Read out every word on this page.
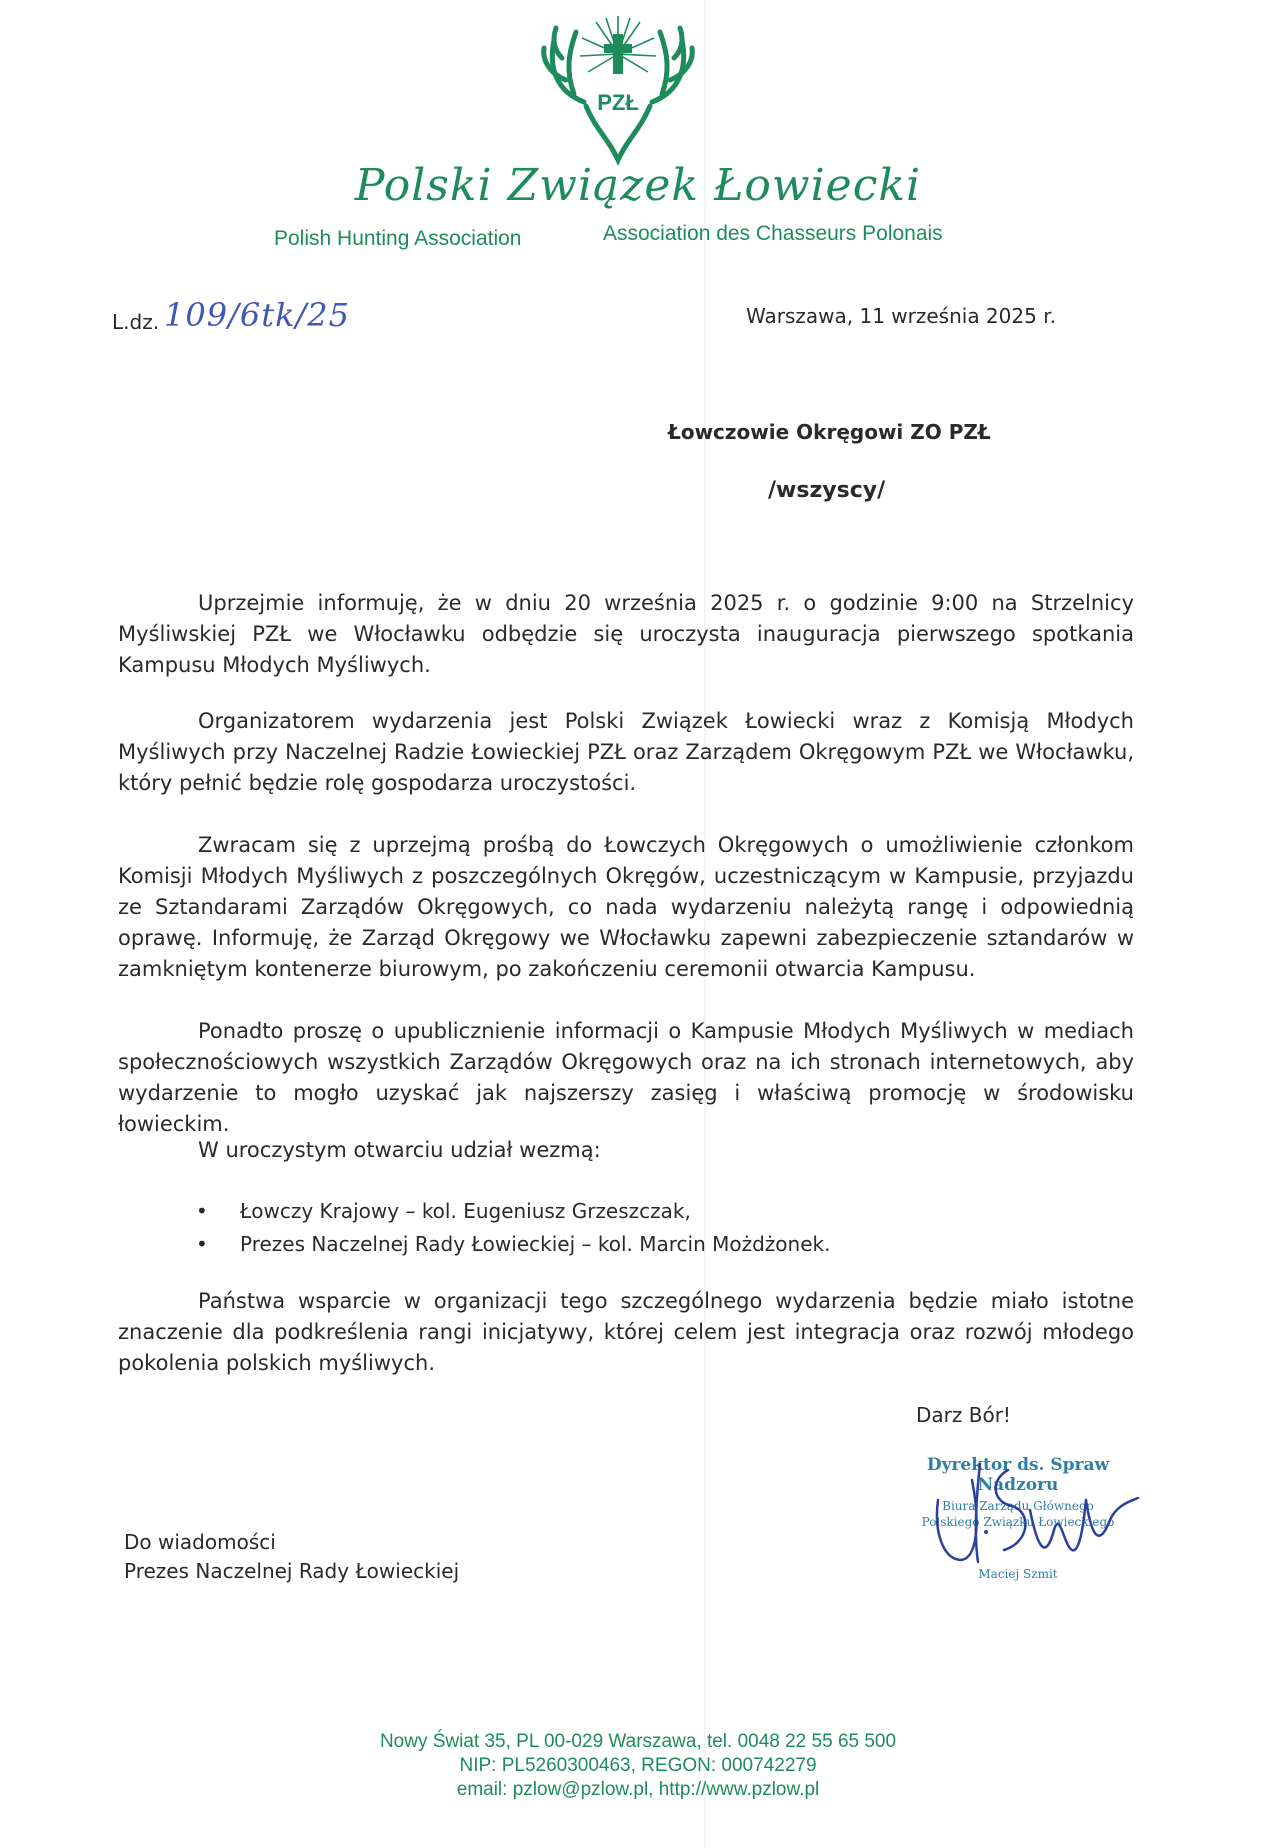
PZŁ
Polski Związek Łowiecki
Polish Hunting Association	Association des Chasseurs Polonais
L.dz. 109/6tk/25	Warszawa, 11 września 2025 r.
Łowczowie Okręgowi ZO PZŁ
/wszyscy/
Uprzejmie informuję, że w dniu 20 września 2025 r. o godzinie 9:00 na Strzelnicy Myśliwskiej PZŁ we Włocławku odbędzie się uroczysta inauguracja pierwszego spotkania Kampusu Młodych Myśliwych.
Organizatorem wydarzenia jest Polski Związek Łowiecki wraz z Komisją Młodych Myśliwych przy Naczelnej Radzie Łowieckiej PZŁ oraz Zarządem Okręgowym PZŁ we Włocławku, który pełnić będzie rolę gospodarza uroczystości.
Zwracam się z uprzejmą prośbą do Łowczych Okręgowych o umożliwienie członkom Komisji Młodych Myśliwych z poszczególnych Okręgów, uczestniczącym w Kampusie, przyjazdu ze Sztandarami Zarządów Okręgowych, co nada wydarzeniu należytą rangę i odpowiednią oprawę. Informuję, że Zarząd Okręgowy we Włocławku zapewni zabezpieczenie sztandarów w zamkniętym kontenerze biurowym, po zakończeniu ceremonii otwarcia Kampusu.
Ponadto proszę o upublicznienie informacji o Kampusie Młodych Myśliwych w mediach społecznościowych wszystkich Zarządów Okręgowych oraz na ich stronach internetowych, aby wydarzenie to mogło uzyskać jak najszerszy zasięg i właściwą promocję w środowisku łowieckim.
W uroczystym otwarciu udział wezmą:
• Łowczy Krajowy – kol. Eugeniusz Grzeszczak,
• Prezes Naczelnej Rady Łowieckiej – kol. Marcin Możdżonek.
Państwa wsparcie w organizacji tego szczególnego wydarzenia będzie miało istotne znaczenie dla podkreślenia rangi inicjatywy, której celem jest integracja oraz rozwój młodego pokolenia polskich myśliwych.
Darz Bór!
Dyrektor ds. Spraw Nadzoru
Biura Zarządu Głównego
Polskiego Związku Łowieckiego
Maciej Szmit
Do wiadomości
Prezes Naczelnej Rady Łowieckiej
Nowy Świat 35, PL 00-029 Warszawa, tel. 0048 22 55 65 500
NIP: PL5260300463, REGON: 000742279
email: pzlow@pzlow.pl, http://www.pzlow.pl
